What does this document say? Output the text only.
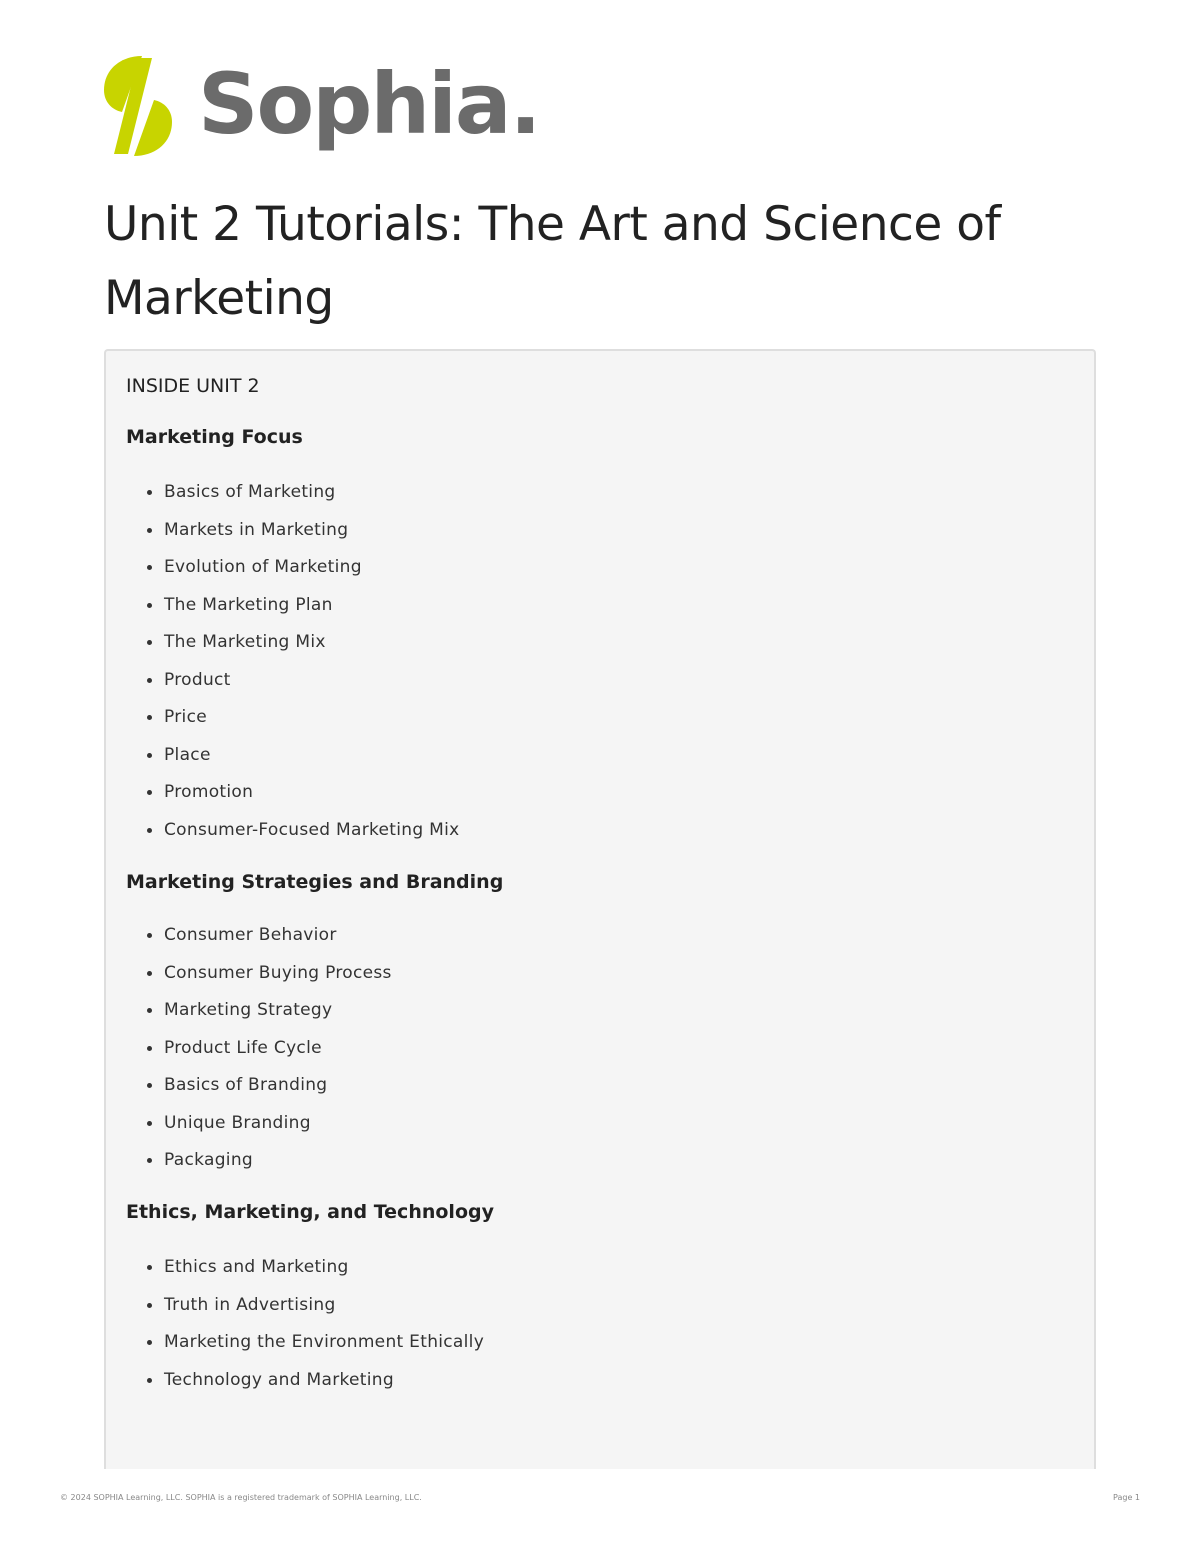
Sophia.
Unit 2 Tutorials: The Art and Science of Marketing
INSIDE UNIT 2
Marketing Focus
Basics of Marketing
Markets in Marketing
Evolution of Marketing
The Marketing Plan
The Marketing Mix
Product
Price
Place
Promotion
Consumer-Focused Marketing Mix
Marketing Strategies and Branding
Consumer Behavior
Consumer Buying Process
Marketing Strategy
Product Life Cycle
Basics of Branding
Unique Branding
Packaging
Ethics, Marketing, and Technology
Ethics and Marketing
Truth in Advertising
Marketing the Environment Ethically
Technology and Marketing
© 2024 SOPHIA Learning, LLC. SOPHIA is a registered trademark of SOPHIA Learning, LLC.	Page 1
